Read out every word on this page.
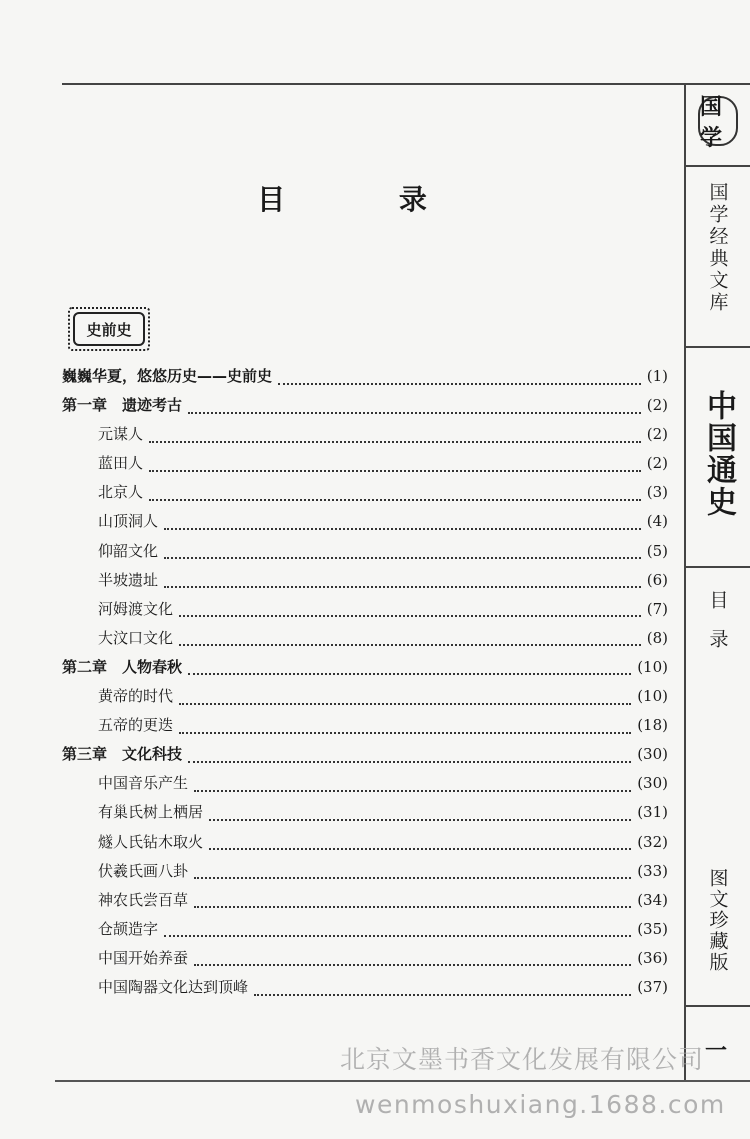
目 录
史前史
巍巍华夏，悠悠历史——史前史	(1)
第一章　遗迹考古	(2)
元谋人	(2)
蓝田人	(2)
北京人	(3)
山顶洞人	(4)
仰韶文化	(5)
半坡遗址	(6)
河姆渡文化	(7)
大汶口文化	(8)
第二章　人物春秋	(10)
黄帝的时代	(10)
五帝的更迭	(18)
第三章　文化科技	(30)
中国音乐产生	(30)
有巢氏树上栖居	(31)
燧人氏钻木取火	(32)
伏羲氏画八卦	(33)
神农氏尝百草	(34)
仓颉造字	(35)
中国开始养蚕	(36)
中国陶器文化达到顶峰	(37)
国学
国学经典文库
中国通史
目录
图文珍藏版
一
北京文墨书香文化发展有限公司
wenmoshuxiang.1688.com
